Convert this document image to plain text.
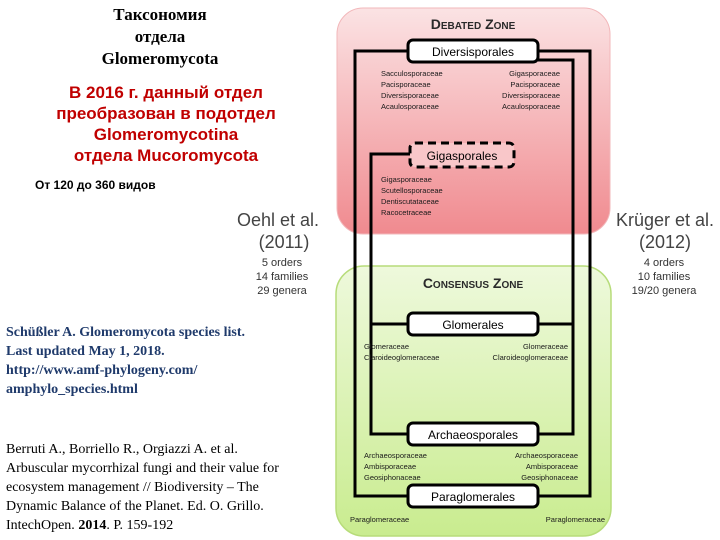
Таксономия
отдела
Glomeromycota
В 2016 г. данный отдел
преобразован в подотдел
Glomeromycotina
отдела Mucoromycota
От 120 до 360 видов
Schüßler A. Glomeromycota species list.
Last updated May 1, 2018.
http://www.amf-phylogeny.com/
amphylo_species.html
Berruti A., Borriello R., Orgiazzi A. et al.
Arbuscular mycorrhizal fungi and their value for
ecosystem management // Biodiversity – The
Dynamic Balance of the Planet. Ed. O. Grillo.
IntechOpen. 2014. P. 159-192
Debated Zone
Consensus Zone
Diversisporales
Gigasporales
Glomerales
Archaeosporales
Paraglomerales
Sacculosporaceae
Pacisporaceae
Diversisporaceae
Acaulosporaceae
Gigasporaceae
Pacisporaceae
Diversisporaceae
Acaulosporaceae
Gigasporaceae
Scutellosporaceae
Dentiscutataceae
Racocetraceae
Glomeraceae
Claroideoglomeraceae
Glomeraceae
Claroideoglomeraceae
Archaeosporaceae
Ambisporaceae
Geosiphonaceae
Archaeosporaceae
Ambisporaceae
Geosiphonaceae
Paraglomeraceae	Paraglomeraceae
Oehl et al.
(2011)
5 orders
14 families
29 genera
Krüger et al.
(2012)
4 orders
10 families
19/20 genera
